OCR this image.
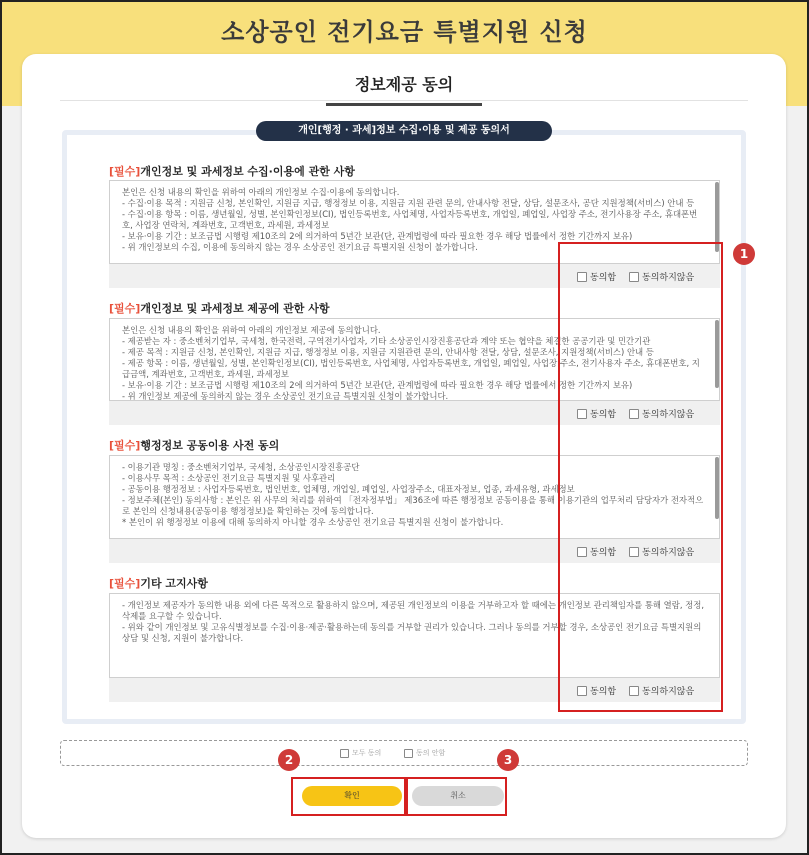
소상공인 전기요금 특별지원 신청
정보제공 동의
개인[행정 · 과세]정보 수집·이용 및 제공 동의서
[필수]개인정보 및 과세정보 수집·이용에 관한 사항

본인은 신청 내용의 확인을 위하여 아래의 개인정보 수집·이용에 동의합니다.

- 수집·이용 목적 : 지원금 신청, 본인확인, 지원금 지급, 행정정보 이용, 지원금 지원 관련 문의, 안내사항 전달, 상담, 설문조사, 공단 지원정책(서비스) 안내 등

- 수집·이용 항목 : 이름, 생년월일, 성별, 본인확인정보(CI), 법인등록번호, 사업체명, 사업자등록번호, 개업일, 폐업일, 사업장 주소, 전기사용장 주소, 휴대폰번호, 사업장 연락처, 계좌번호, 고객번호, 과세원, 과세정보

- 보유·이용 기간 : 보조금법 시행령 제10조의 2에 의거하여 5년간 보관(단, 관계법령에 따라 필요한 경우 해당 법률에서 정한 기간까지 보유)

- 위 개인정보의 수집, 이용에 동의하지 않는 경우 소상공인 전기요금 특별지원 신청이 불가합니다.

동의함	동의하지않음
[필수]개인정보 및 과세정보 제공에 관한 사항

본인은 신청 내용의 확인을 위하여 아래의 개인정보 제공에 동의합니다.

- 제공받는 자 : 중소벤처기업부, 국세청, 한국전력, 구역전기사업자, 기타 소상공인시장진흥공단과 계약 또는 협약을 체결한 공공기관 및 민간기관

- 제공 목적 : 지원금 신청, 본인확인, 지원금 지급, 행정정보 이용, 지원금 지원관련 문의, 안내사항 전달, 상담, 설문조사, 지원정책(서비스) 안내 등

- 제공 항목 : 이름, 생년월일, 성별, 본인확인정보(CI), 법인등록번호, 사업체명, 사업자등록번호, 개업일, 폐업일, 사업장 주소, 전기사용자 주소, 휴대폰번호, 지급금액, 계좌번호, 고객번호, 과세원, 과세정보

- 보유·이용 기간 : 보조금법 시행령 제10조의 2에 의거하여 5년간 보관(단, 관계법령에 따라 필요한 경우 해당 법률에서 정한 기간까지 보유)

- 위 개인정보 제공에 동의하지 않는 경우 소상공인 전기요금 특별지원 신청이 불가합니다.

동의함	동의하지않음
[필수]행정정보 공동이용 사전 동의

- 이용기관 명칭 : 중소벤처기업부, 국세청, 소상공인시장진흥공단

- 이용사무 목적 : 소상공인 전기요금 특별지원 및 사후관리

- 공동이용 행정정보 : 사업자등록번호, 법인번호, 업체명, 개업일, 폐업일, 사업장주소, 대표자정보, 업종, 과세유형, 과세정보

- 정보주체(본인) 동의사항 : 본인은 위 사무의 처리를 위하여 「전자정부법」 제36조에 따른 행정정보 공동이용을 통해 이용기관의 업무처리 담당자가 전자적으로 본인의 신청내용(공동이용 행정정보)을 확인하는 것에 동의합니다.

* 본인이 위 행정정보 이용에 대해 동의하지 아니할 경우 소상공인 전기요금 특별지원 신청이 불가합니다.

동의함	동의하지않음
[필수]기타 고지사항

- 개인정보 제공자가 동의한 내용 외에 다른 목적으로 활용하지 않으며, 제공된 개인정보의 이용을 거부하고자 할 때에는 개인정보 관리책임자를 통해 열람, 정정, 삭제를 요구할 수 있습니다.

- 위와 같이 개인정보 및 고유식별정보를 수집·이용·제공·활용하는데 동의를 거부할 권리가 있습니다. 그러나 동의를 거부할 경우, 소상공인 전기요금 특별지원의 상담 및 신청, 지원이 불가합니다.

동의함	동의하지않음
1
모두 동의	동의 안함
2	3
확인	취소
